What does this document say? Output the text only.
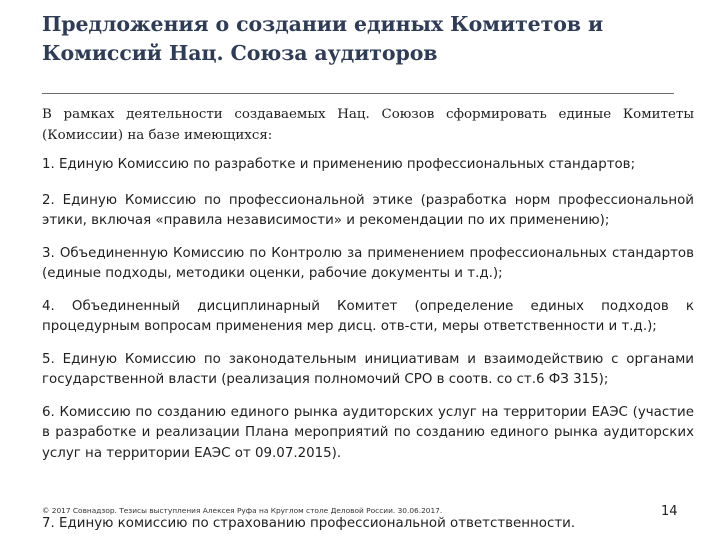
Предложения о создании единых Комитетов и Комиссий Нац. Союза аудиторов

В рамках деятельности создаваемых Нац. Союзов сформировать единые Комитеты (Комиссии) на базе имеющихся:

1. Единую Комиссию по разработке и применению профессиональных стандартов;

2. Единую Комиссию по профессиональной этике (разработка норм профессиональной этики, включая «правила независимости» и рекомендации по их применению);

3. Объединенную Комиссию по Контролю за применением профессиональных стандартов (единые подходы, методики оценки, рабочие документы и т.д.);

4. Объединенный дисциплинарный Комитет (определение единых подходов к процедурным вопросам применения мер дисц. отв-сти, меры ответственности и т.д.);

5. Единую Комиссию по законодательным инициативам и взаимодействию с органами государственной власти (реализация полномочий СРО в соотв. со ст.6 ФЗ 315);

6. Комиссию по созданию единого рынка аудиторских услуг на территории ЕАЭС (участие в разработке и реализации Плана мероприятий по созданию единого рынка аудиторских услуг на территории ЕАЭС от 09.07.2015).

© 2017 Совнадзор. Тезисы выступления Алексея Руфа на Круглом столе Деловой России. 30.06.2017.
7. Единую комиссию по страхованию профессиональной ответственности.
14
